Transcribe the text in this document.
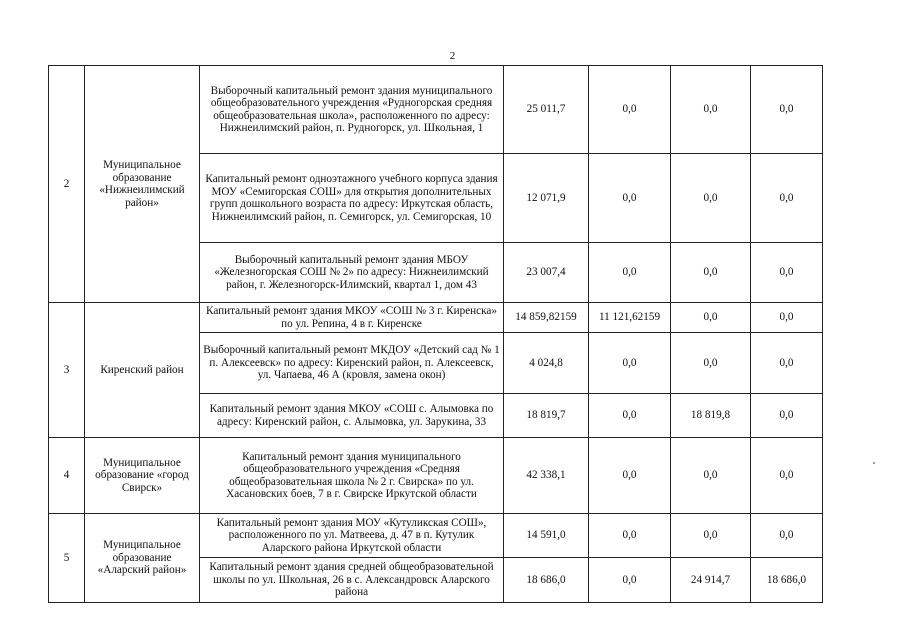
2
2	Муниципальное образование «Нижнеилимский район»	Выборочный капитальный ремонт здания муниципального общеобразовательного учреждения «Рудногорская средняя общеобразовательная школа», расположенного по адресу: Нижнеилимский район, п. Рудногорск, ул. Школьная, 1	25 011,7	0,0	0,0	0,0
		Капитальный ремонт одноэтажного учебного корпуса здания МОУ «Семигорская СОШ» для открытия дополнительных групп дошкольного возраста по адресу: Иркутская область, Нижнеилимский район, п. Семигорск, ул. Семигорская, 10	12 071,9	0,0	0,0	0,0
		Выборочный капитальный ремонт здания МБОУ «Железногорская СОШ № 2» по адресу: Нижнеилимский район, г. Железногорск-Илимский, квартал 1, дом 43	23 007,4	0,0	0,0	0,0
3	Киренский район	Капитальный ремонт здания МКОУ «СОШ № 3 г. Киренска» по ул. Репина, 4 в г. Киренске	14 859,82159	11 121,62159	0,0	0,0
		Выборочный капитальный ремонт МКДОУ «Детский сад № 1 п. Алексеевск» по адресу: Киренский район, п. Алексеевск, ул. Чапаева, 46 А (кровля, замена окон)	4 024,8	0,0	0,0	0,0
		Капитальный ремонт здания МКОУ «СОШ с. Алымовка по адресу: Киренский район, с. Алымовка, ул. Зарукина, 33	18 819,7	0,0	18 819,8	0,0
4	Муниципальное образование «город Свирск»	Капитальный ремонт здания муниципального общеобразовательного учреждения «Средняя общеобразовательная школа № 2 г. Свирска» по ул. Хасановских боев, 7 в г. Свирске Иркутской области	42 338,1	0,0	0,0	0,0
5	Муниципальное образование «Аларский район»	Капитальный ремонт здания МОУ «Кутуликская СОШ», расположенного по ул. Матвеева, д. 47 в п. Кутулик Аларского района Иркутской области	14 591,0	0,0	0,0	0,0
		Капитальный ремонт здания средней общеобразовательной школы по ул. Школьная, 26 в с. Александровск Аларского района	18 686,0	0,0	24 914,7	18 686,0
